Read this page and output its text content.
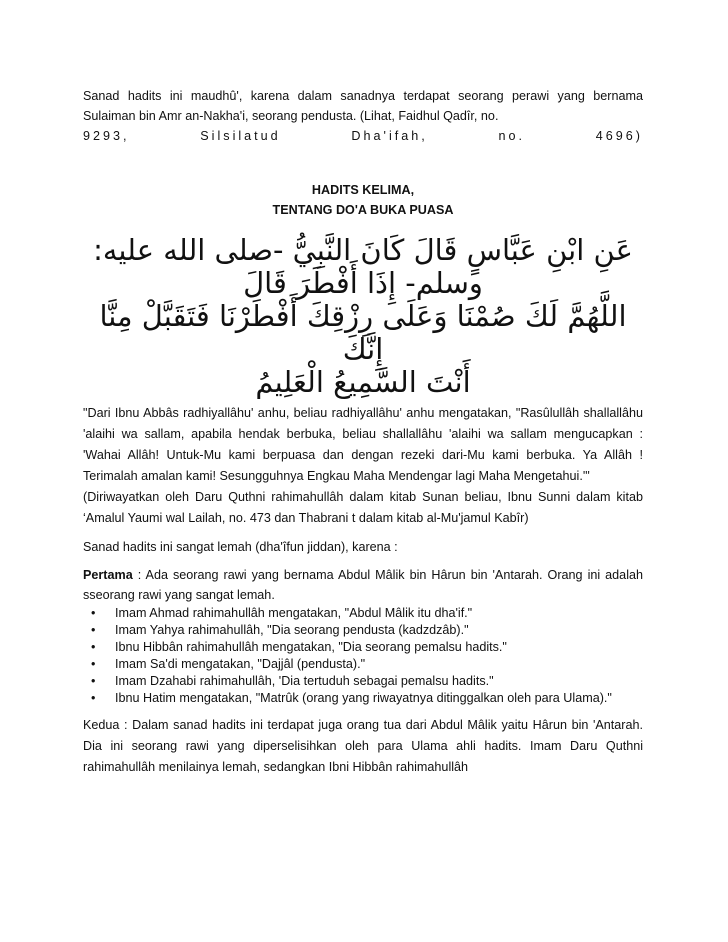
Sanad hadits ini maudhû', karena dalam sanadnya terdapat seorang perawi yang bernama Sulaiman bin Amr an-Nakha'i, seorang pendusta. (Lihat, Faidhul Qadîr, no.

9293, Silsilatud Dha'ifah, no. 4696)

HADITS KELIMA,

TENTANG DO'A BUKA PUASA

عَنِ ابْنِ عَبَّاسٍ قَالَ كَانَ النَّبِيُّ -صلى الله عليه:
وسلم- إِذَا أَفْطَرَ قَالَ
اللَّهُمَّ لَكَ صُمْنَا وَعَلَى رِزْقِكَ أَفْطَرْنَا فَتَقَبَّلْ مِنَّا إِنَّكَ
أَنْتَ السَّمِيعُ الْعَلِيمُ

"Dari Ibnu Abbâs radhiyallâhu' anhu, beliau radhiyallâhu' anhu mengatakan, "Rasûlullâh shallallâhu 'alaihi wa sallam, apabila hendak berbuka, beliau shallallâhu 'alaihi wa sallam mengucapkan : 'Wahai Allâh! Untuk-Mu kami berpuasa dan dengan rezeki dari-Mu kami berbuka. Ya Allâh ! Terimalah amalan kami! Sesungguhnya Engkau Maha Mendengar lagi Maha Mengetahui.'"

(Diriwayatkan oleh Daru Quthni rahimahullâh dalam kitab Sunan beliau, Ibnu Sunni dalam kitab ‘Amalul Yaumi wal Lailah, no. 473 dan Thabrani t dalam kitab al-Mu'jamul Kabîr)

Sanad hadits ini sangat lemah (dha'îfun jiddan), karena :

Pertama : Ada seorang rawi yang bernama Abdul Mâlik bin Hârun bin 'Antarah. Orang ini adalah sseorang rawi yang sangat lemah.

• Imam Ahmad rahimahullâh mengatakan, "Abdul Mâlik itu dha'if."
• Imam Yahya rahimahullâh, "Dia seorang pendusta (kadzdzâb)."
• Ibnu Hibbân rahimahullâh mengatakan, "Dia seorang pemalsu hadits."
• Imam Sa'di mengatakan, "Dajjâl (pendusta)."
• Imam Dzahabi rahimahullâh, 'Dia tertuduh sebagai pemalsu hadits."
• Ibnu Hatim mengatakan, "Matrûk (orang yang riwayatnya ditinggalkan oleh para Ulama)."

Kedua : Dalam sanad hadits ini terdapat juga orang tua dari Abdul Mâlik yaitu Hârun bin 'Antarah. Dia ini seorang rawi yang diperselisihkan oleh para Ulama ahli hadits. Imam Daru Quthni rahimahullâh menilainya lemah, sedangkan Ibni Hibbân rahimahullâh
